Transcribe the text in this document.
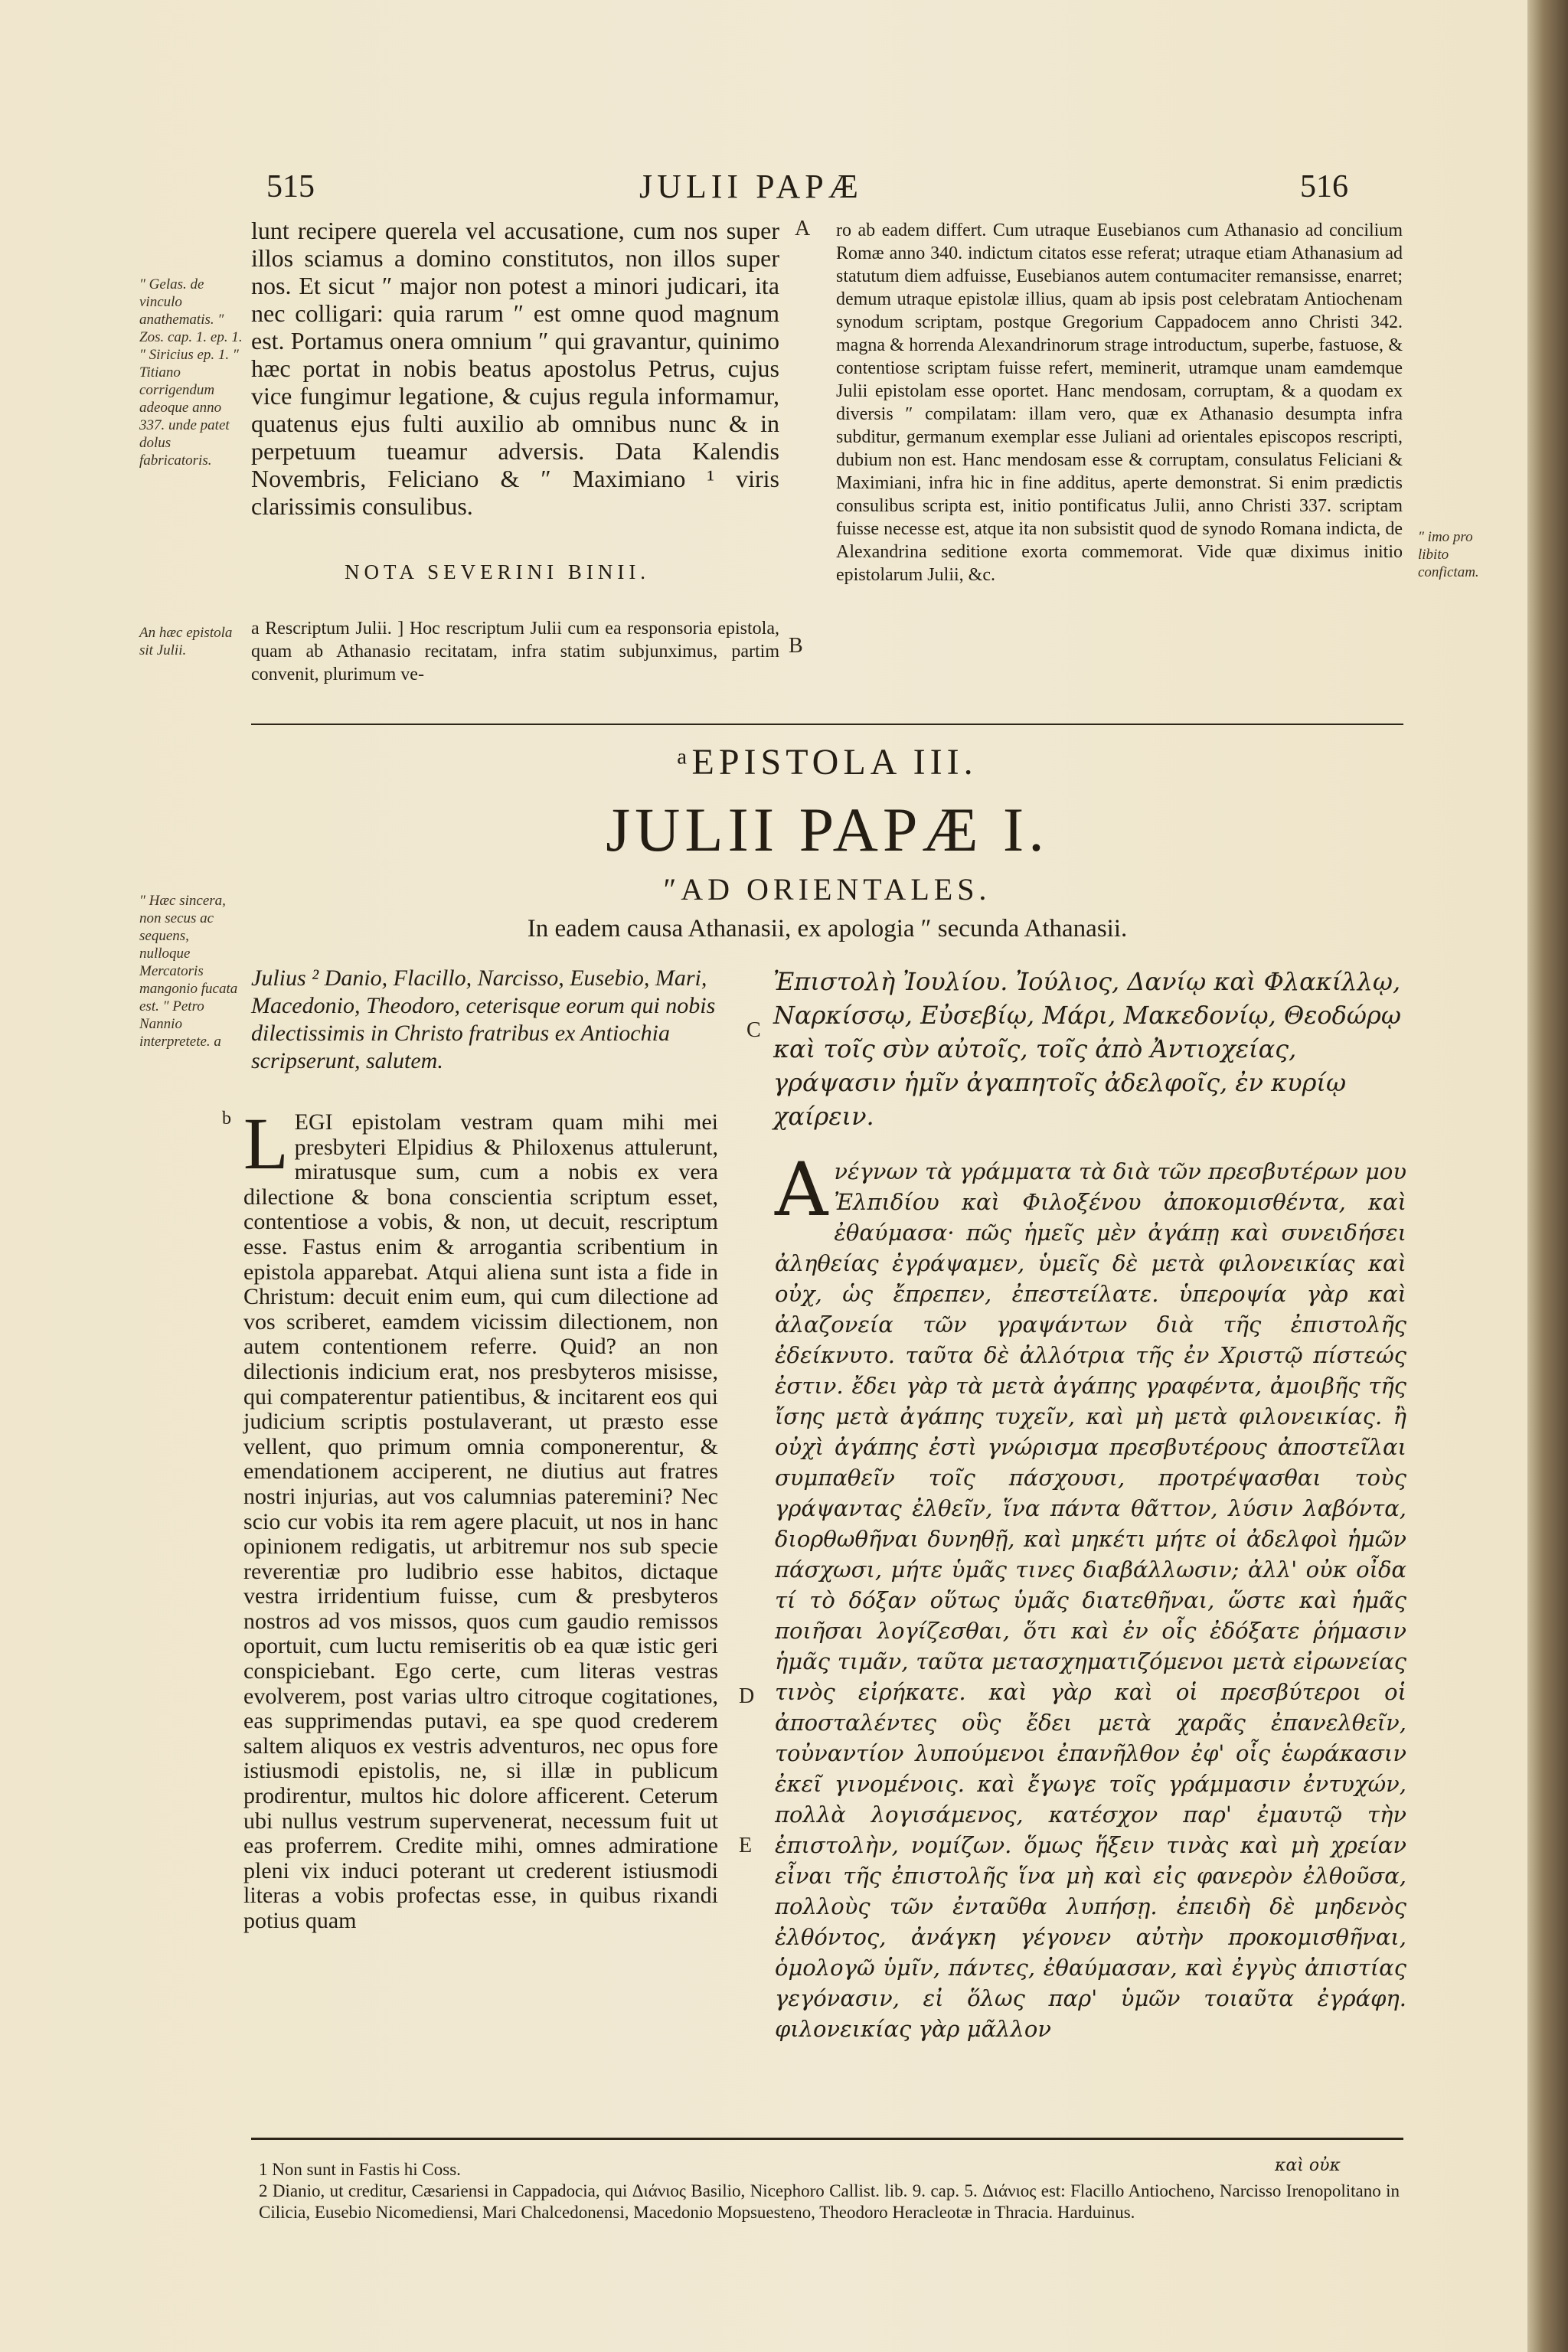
515	JULII PAPÆ	516
″ Gelas. de vinculo anathematis. ″ Zos. cap. 1. ep. 1. ″ Siricius ep. 1. ″ Titiano corrigendum adeoque anno 337. unde patet dolus fabricatoris.
lunt recipere querela vel accusatione, cum nos super illos sciamus a domino constitutos, non illos super nos. Et sicut ″ major non potest a minori judicari, ita nec colligari: quia rarum ″ est omne quod magnum est. Portamus onera omnium ″ qui gravantur, quinimo hæc portat in nobis beatus apostolus Petrus, cujus vice fungimur legatione, & cujus regula informamur, quatenus ejus fulti auxilio ab omnibus nunc & in perpetuum tueamur adversis. Data Kalendis Novembris, Feliciano & ″ Maximiano ¹ viris clarissimis consulibus.
NOTA SEVERINI BINII.
An hæc epistola sit Julii.
a Rescriptum Julii. ] Hoc rescriptum Julii cum ea responsoria epistola, quam ab Athanasio recitatam, infra statim subjunximus, partim convenit, plurimum ve-
A
B
ro ab eadem differt. Cum utraque Eusebianos cum Athanasio ad concilium Romæ anno 340. indictum citatos esse referat; utraque etiam Athanasium ad statutum diem adfuisse, Eusebianos autem contumaciter remansisse, enarret; demum utraque epistolæ illius, quam ab ipsis post celebratam Antiochenam synodum scriptam, postque Gregorium Cappadocem anno Christi 342. magna & horrenda Alexandrinorum strage introductum, superbe, fastuose, & contentiose scriptam fuisse refert, meminerit, utramque unam eamdemque Julii epistolam esse oportet. Hanc mendosam, corruptam, & a quodam ex diversis ″ compilatam: illam vero, quæ ex Athanasio desumpta infra subditur, germanum exemplar esse Juliani ad orientales episcopos rescripti, dubium non est. Hanc mendosam esse & corruptam, consulatus Feliciani & Maximiani, infra hic in fine additus, aperte demonstrat. Si enim prædictis consulibus scripta est, initio pontificatus Julii, anno Christi 337. scriptam fuisse necesse est, atque ita non subsistit quod de synodo Romana indicta, de Alexandrina seditione exorta commemorat. Vide quæ diximus initio epistolarum Julii, &c.
″ imo pro libito confictam.
ᵃEPISTOLA III.
JULII PAPÆ I.
″AD ORIENTALES.
In eadem causa Athanasii, ex apologia ″ secunda Athanasii.
″ Hæc sincera, non secus ac sequens, nulloque Mercatoris mangonio fucata est. ″ Petro Nannio interpretete. a
Julius ² Danio, Flacillo, Narcisso, Eusebio, Mari, Macedonio, Theodoro, ceterisque eorum qui nobis dilectissimis in Christo fratribus ex Antiochia scripserunt, salutem.
C
Ἐπιστολὴ Ἰουλίου. Ἰούλιος, Δανίῳ καὶ Φλακίλλῳ, Ναρκίσσῳ, Εὐσεβίῳ, Μάρι, Μακεδονίῳ, Θεοδώρῳ καὶ τοῖς σὺν αὐτοῖς, τοῖς ἀπὸ Ἀντιοχείας, γράψασιν ἡμῖν ἀγαπητοῖς ἀδελφοῖς, ἐν κυρίῳ χαίρειν.
b LEGI epistolam vestram quam mihi mei presbyteri Elpidius & Philoxenus attulerunt, miratusque sum, cum a nobis ex vera dilectione & bona conscientia scriptum esset, contentiose a vobis, & non, ut decuit, rescriptum esse. Fastus enim & arrogantia scribentium in epistola apparebat. Atqui aliena sunt ista a fide in Christum: decuit enim eum, qui cum dilectione ad vos scriberet, eamdem vicissim dilectionem, non autem contentionem referre. Quid? an non dilectionis indicium erat, nos presbyteros misisse, qui compaterentur patientibus, & incitarent eos qui judicium scriptis postulaverant, ut præsto esse vellent, quo primum omnia componerentur, & emendationem acciperent, ne diutius aut fratres nostri injurias, aut vos calumnias pateremini? Nec scio cur vobis ita rem agere placuit, ut nos in hanc opinionem redigatis, ut arbitremur nos sub specie reverentiæ pro ludibrio esse habitos, dictaque vestra irridentium fuisse, cum & presbyteros nostros ad vos missos, quos cum gaudio remissos oportuit, cum luctu remiseritis ob ea quæ istic geri conspiciebant. Ego certe, cum literas vestras evolverem, post varias ultro citroque cogitationes, eas supprimendas putavi, ea spe quod crederem saltem aliquos ex vestris adventuros, nec opus fore istiusmodi epistolis, ne, si illæ in publicum prodirentur, multos hic dolore afficerent. Ceterum ubi nullus vestrum supervenerat, necessum fuit ut eas proferrem. Credite mihi, omnes admiratione pleni vix induci poterant ut crederent istiusmodi literas a vobis profectas esse, in quibus rixandi potius quam
D
E
Ανέγνων τὰ γράμματα τὰ διὰ τῶν πρεσβυτέρων μου Ἐλπιδίου καὶ Φιλοξένου ἀποκομισθέντα, καὶ ἐθαύμασα· πῶς ἡμεῖς μὲν ἀγάπῃ καὶ συνειδήσει ἀληθείας ἐγράψαμεν, ὑμεῖς δὲ μετὰ φιλονεικίας καὶ οὐχ, ὡς ἔπρεπεν, ἐπεστείλατε. ὑπεροψία γὰρ καὶ ἀλαζονεία τῶν γραψάντων διὰ τῆς ἐπιστολῆς ἐδείκνυτο. ταῦτα δὲ ἀλλότρια τῆς ἐν Χριστῷ πίστεώς ἐστιν. ἔδει γὰρ τὰ μετὰ ἀγάπης γραφέντα, ἀμοιβῆς τῆς ἴσης μετὰ ἀγάπης τυχεῖν, καὶ μὴ μετὰ φιλονεικίας. ἢ οὐχὶ ἀγάπης ἐστὶ γνώρισμα πρεσβυτέρους ἀποστεῖλαι συμπαθεῖν τοῖς πάσχουσι, προτρέψασθαι τοὺς γράψαντας ἐλθεῖν, ἵνα πάντα θᾶττον, λύσιν λαβόντα, διορθωθῆναι δυνηθῇ, καὶ μηκέτι μήτε οἱ ἀδελφοὶ ἡμῶν πάσχωσι, μήτε ὑμᾶς τινες διαβάλλωσιν; ἀλλ' οὐκ οἶδα τί τὸ δόξαν οὕτως ὑμᾶς διατεθῆναι, ὥστε καὶ ἡμᾶς ποιῆσαι λογίζεσθαι, ὅτι καὶ ἐν οἷς ἐδόξατε ῥήμασιν ἡμᾶς τιμᾶν, ταῦτα μετασχηματιζόμενοι μετὰ εἰρωνείας τινὸς εἰρήκατε. καὶ γὰρ καὶ οἱ πρεσβύτεροι οἱ ἀποσταλέντες οὓς ἔδει μετὰ χαρᾶς ἐπανελθεῖν, τοὐναντίον λυπούμενοι ἐπανῆλθον ἐφ' οἷς ἑωράκασιν ἐκεῖ γινομένοις. καὶ ἔγωγε τοῖς γράμμασιν ἐντυχών, πολλὰ λογισάμενος, κατέσχον παρ' ἐμαυτῷ τὴν ἐπιστολὴν, νομίζων. ὅμως ἥξειν τινὰς καὶ μὴ χρείαν εἶναι τῆς ἐπιστολῆς ἵνα μὴ καὶ εἰς φανερὸν ἐλθοῦσα, πολλοὺς τῶν ἐνταῦθα λυπήσῃ. ἐπειδὴ δὲ μηδενὸς ἐλθόντος, ἀνάγκη γέγονεν αὐτὴν προκομισθῆναι, ὁμολογῶ ὑμῖν, πάντες, ἐθαύμασαν, καὶ ἐγγὺς ἀπιστίας γεγόνασιν, εἰ ὅλως παρ' ὑμῶν τοιαῦτα ἐγράφη. φιλονεικίας γὰρ μᾶλλον
καὶ οὐκ

1 Non sunt in Fastis hi Coss.

2 Dianio, ut creditur, Cæsariensi in Cappadocia, qui Διάνιος Basilio, Nicephoro Callist. lib. 9. cap. 5. Διάνιος est: Flacillo Antiocheno, Narcisso Irenopolitano in Cilicia, Eusebio Nicomediensi, Mari Chalcedonensi, Macedonio Mopsuesteno, Theodoro Heracleotæ in Thracia. Harduinus.
